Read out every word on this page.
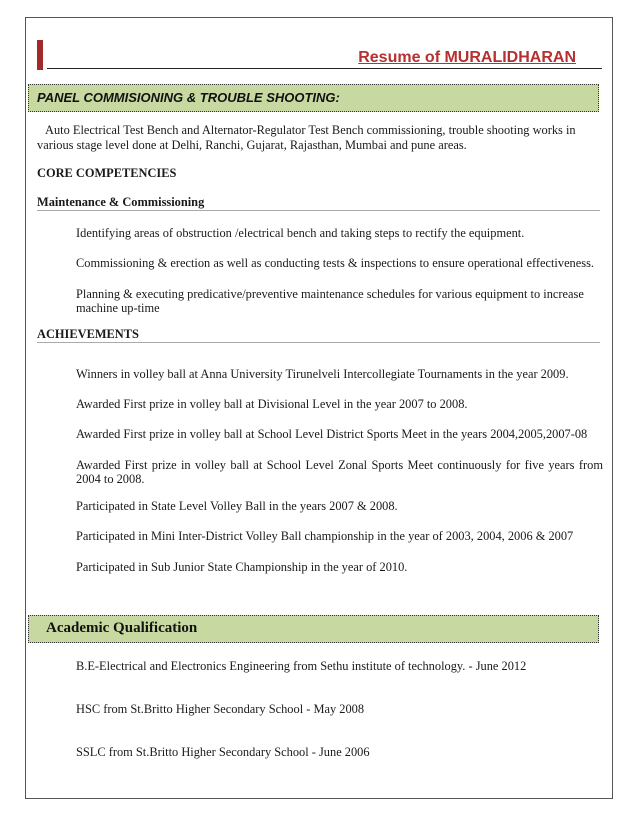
Resume of MURALIDHARAN
PANEL COMMISIONING & TROUBLE SHOOTING:
Auto Electrical Test Bench and Alternator-Regulator Test Bench commissioning, trouble shooting works in various stage level done at Delhi, Ranchi, Gujarat, Rajasthan, Mumbai and pune areas.
CORE COMPETENCIES
Maintenance & Commissioning
Identifying areas of obstruction /electrical bench and taking steps to rectify the equipment.
Commissioning & erection as well as conducting tests & inspections to ensure operational effectiveness.
Planning & executing predicative/preventive maintenance schedules for various equipment to increase machine up-time
ACHIEVEMENTS
Winners in volley ball at Anna University Tirunelveli Intercollegiate Tournaments in the year 2009.
Awarded First prize in volley ball at Divisional Level in the year 2007 to 2008.
Awarded First prize in volley ball at School Level District Sports Meet in the years 2004,2005,2007-08
Awarded First prize in volley ball at School Level Zonal Sports Meet continuously for five years from 2004 to 2008.
Participated in State Level Volley Ball in the years 2007 & 2008.
Participated in Mini Inter-District Volley Ball championship in the year of 2003, 2004, 2006 & 2007
Participated in Sub Junior State Championship in the year of 2010.
Academic Qualification
B.E-Electrical and Electronics Engineering from Sethu institute of technology. - June 2012
HSC from St.Britto Higher Secondary School - May 2008
SSLC from St.Britto Higher Secondary School - June 2006
